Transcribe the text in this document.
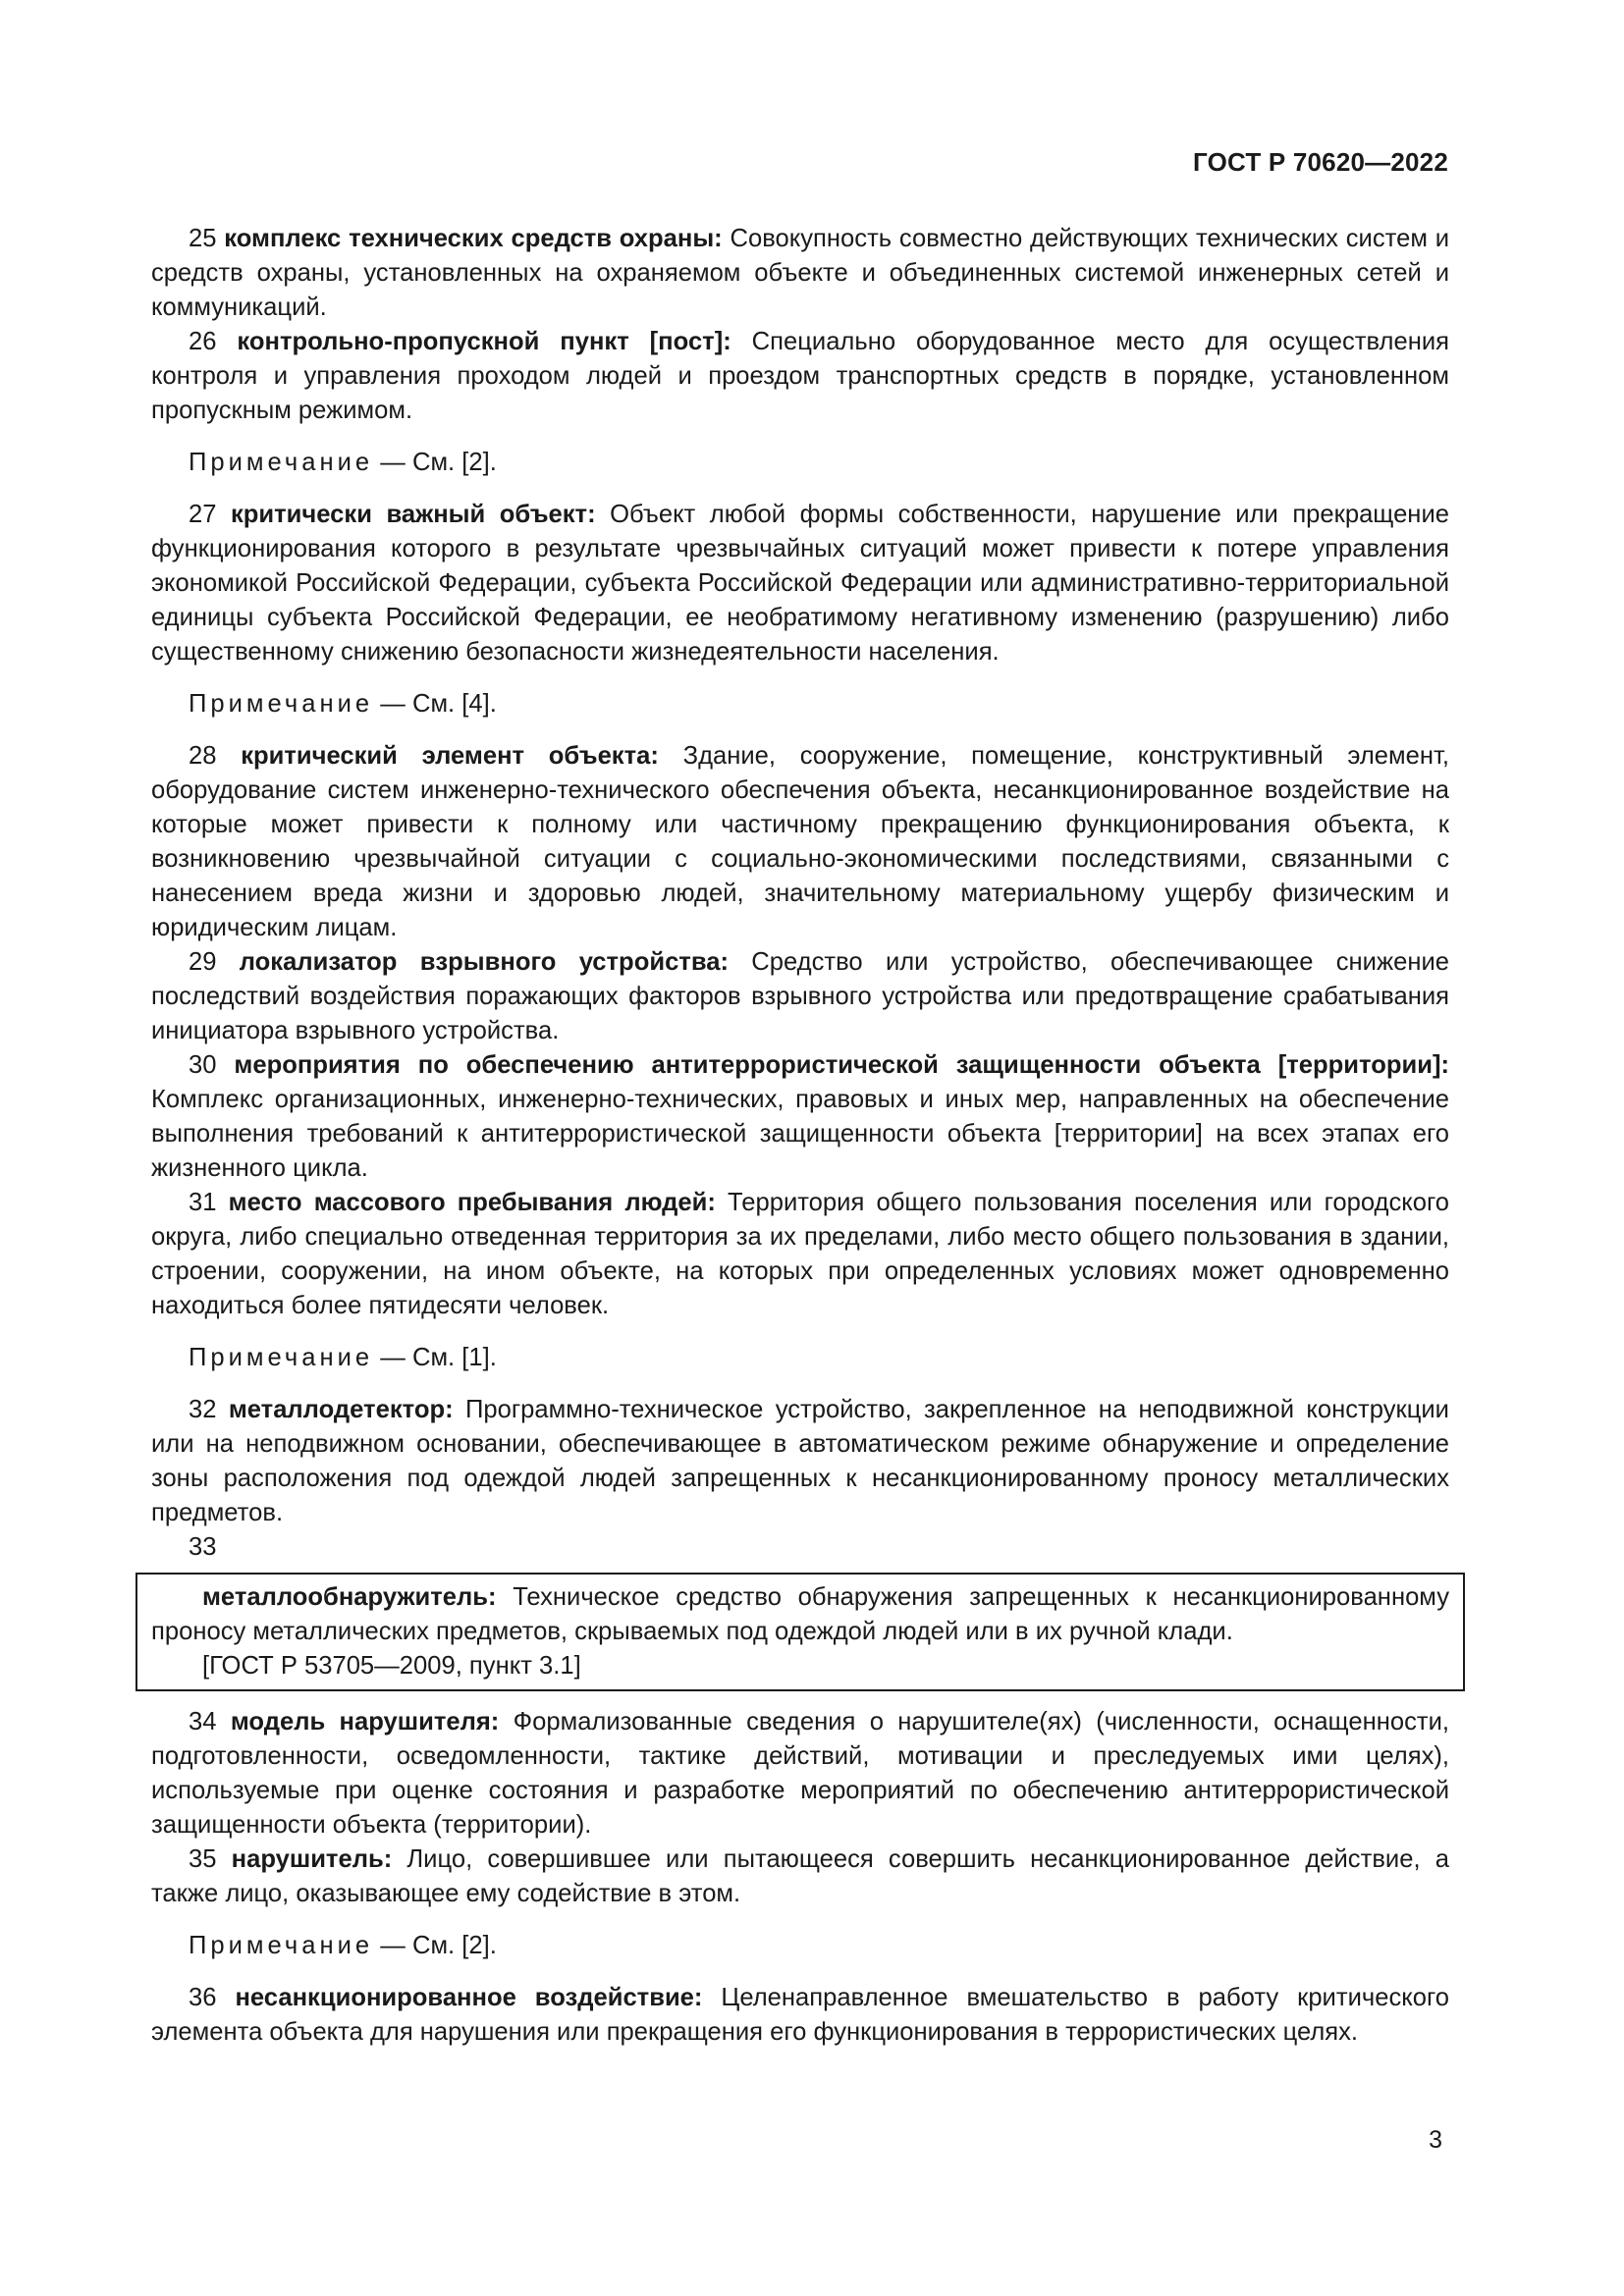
ГОСТ Р 70620—2022

25 комплекс технических средств охраны: Совокупность совместно действующих технических систем и средств охраны, установленных на охраняемом объекте и объединенных системой инженерных сетей и коммуникаций.

26 контрольно-пропускной пункт [пост]: Специально оборудованное место для осуществления контроля и управления проходом людей и проездом транспортных средств в порядке, установленном пропускным режимом.

Примечание — См. [2].

27 критически важный объект: Объект любой формы собственности, нарушение или прекращение функционирования которого в результате чрезвычайных ситуаций может привести к потере управления экономикой Российской Федерации, субъекта Российской Федерации или административно-территориальной единицы субъекта Российской Федерации, ее необратимому негативному изменению (разрушению) либо существенному снижению безопасности жизнедеятельности населения.

Примечание — См. [4].

28 критический элемент объекта: Здание, сооружение, помещение, конструктивный элемент, оборудование систем инженерно-технического обеспечения объекта, несанкционированное воздействие на которые может привести к полному или частичному прекращению функционирования объекта, к возникновению чрезвычайной ситуации с социально-экономическими последствиями, связанными с нанесением вреда жизни и здоровью людей, значительному материальному ущербу физическим и юридическим лицам.

29 локализатор взрывного устройства: Средство или устройство, обеспечивающее снижение последствий воздействия поражающих факторов взрывного устройства или предотвращение срабатывания инициатора взрывного устройства.

30 мероприятия по обеспечению антитеррористической защищенности объекта [территории]: Комплекс организационных, инженерно-технических, правовых и иных мер, направленных на обеспечение выполнения требований к антитеррористической защищенности объекта [территории] на всех этапах его жизненного цикла.

31 место массового пребывания людей: Территория общего пользования поселения или городского округа, либо специально отведенная территория за их пределами, либо место общего пользования в здании, строении, сооружении, на ином объекте, на которых при определенных условиях может одновременно находиться более пятидесяти человек.

Примечание — См. [1].

32 металлодетектор: Программно-техническое устройство, закрепленное на неподвижной конструкции или на неподвижном основании, обеспечивающее в автоматическом режиме обнаружение и определение зоны расположения под одеждой людей запрещенных к несанкционированному проносу металлических предметов.

33

металлообнаружитель: Техническое средство обнаружения запрещенных к несанкционированному проносу металлических предметов, скрываемых под одеждой людей или в их ручной клади.

[ГОСТ Р 53705—2009, пункт 3.1]

34 модель нарушителя: Формализованные сведения о нарушителе(ях) (численности, оснащенности, подготовленности, осведомленности, тактике действий, мотивации и преследуемых ими целях), используемые при оценке состояния и разработке мероприятий по обеспечению антитеррористической защищенности объекта (территории).

35 нарушитель: Лицо, совершившее или пытающееся совершить несанкционированное действие, а также лицо, оказывающее ему содействие в этом.

Примечание — См. [2].

36 несанкционированное воздействие: Целенаправленное вмешательство в работу критического элемента объекта для нарушения или прекращения его функционирования в террористических целях.

3
